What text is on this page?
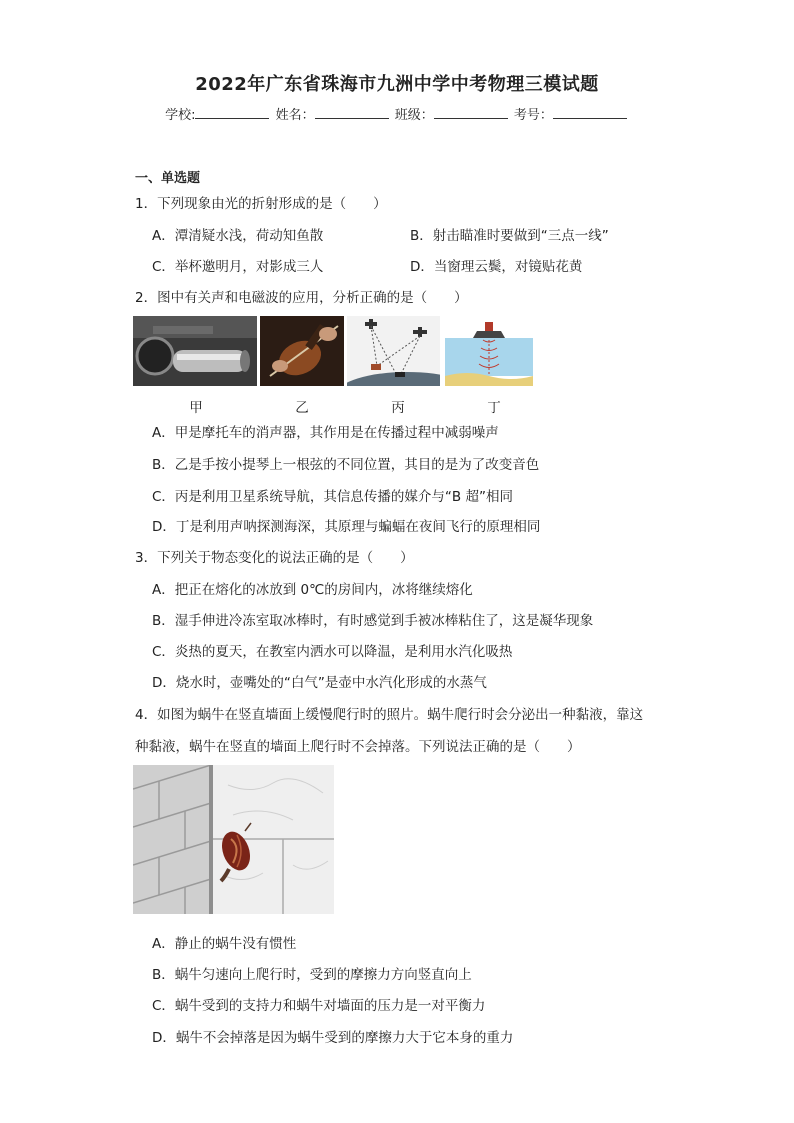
2022年广东省珠海市九洲中学中考物理三模试题
学校:	姓名：	班级：	考号：
一、单选题
1．下列现象由光的折射形成的是（　　）
A．潭清疑水浅，荷动知鱼散	B．射击瞄准时要做到“三点一线”
C．举杯邀明月，对影成三人	D．当窗理云鬓，对镜贴花黄
2．图中有关声和电磁波的应用，分析正确的是（　　）
甲	乙	丙	丁
A．甲是摩托车的消声器，其作用是在传播过程中减弱噪声
B．乙是手按小提琴上一根弦的不同位置，其目的是为了改变音色
C．丙是利用卫星系统导航，其信息传播的媒介与“B 超”相同
D．丁是利用声呐探测海深，其原理与蝙蝠在夜间飞行的原理相同
3．下列关于物态变化的说法正确的是（　　）
A．把正在熔化的冰放到 0℃的房间内，冰将继续熔化
B．湿手伸进冷冻室取冰棒时，有时感觉到手被冰棒粘住了，这是凝华现象
C．炎热的夏天，在教室内洒水可以降温，是利用水汽化吸热
D．烧水时，壶嘴处的“白气”是壶中水汽化形成的水蒸气
4．如图为蜗牛在竖直墙面上缓慢爬行时的照片。蜗牛爬行时会分泌出一种黏液，靠这
种黏液，蜗牛在竖直的墙面上爬行时不会掉落。下列说法正确的是（　　）
A．静止的蜗牛没有惯性
B．蜗牛匀速向上爬行时，受到的摩擦力方向竖直向上
C．蜗牛受到的支持力和蜗牛对墙面的压力是一对平衡力
D．蜗牛不会掉落是因为蜗牛受到的摩擦力大于它本身的重力
